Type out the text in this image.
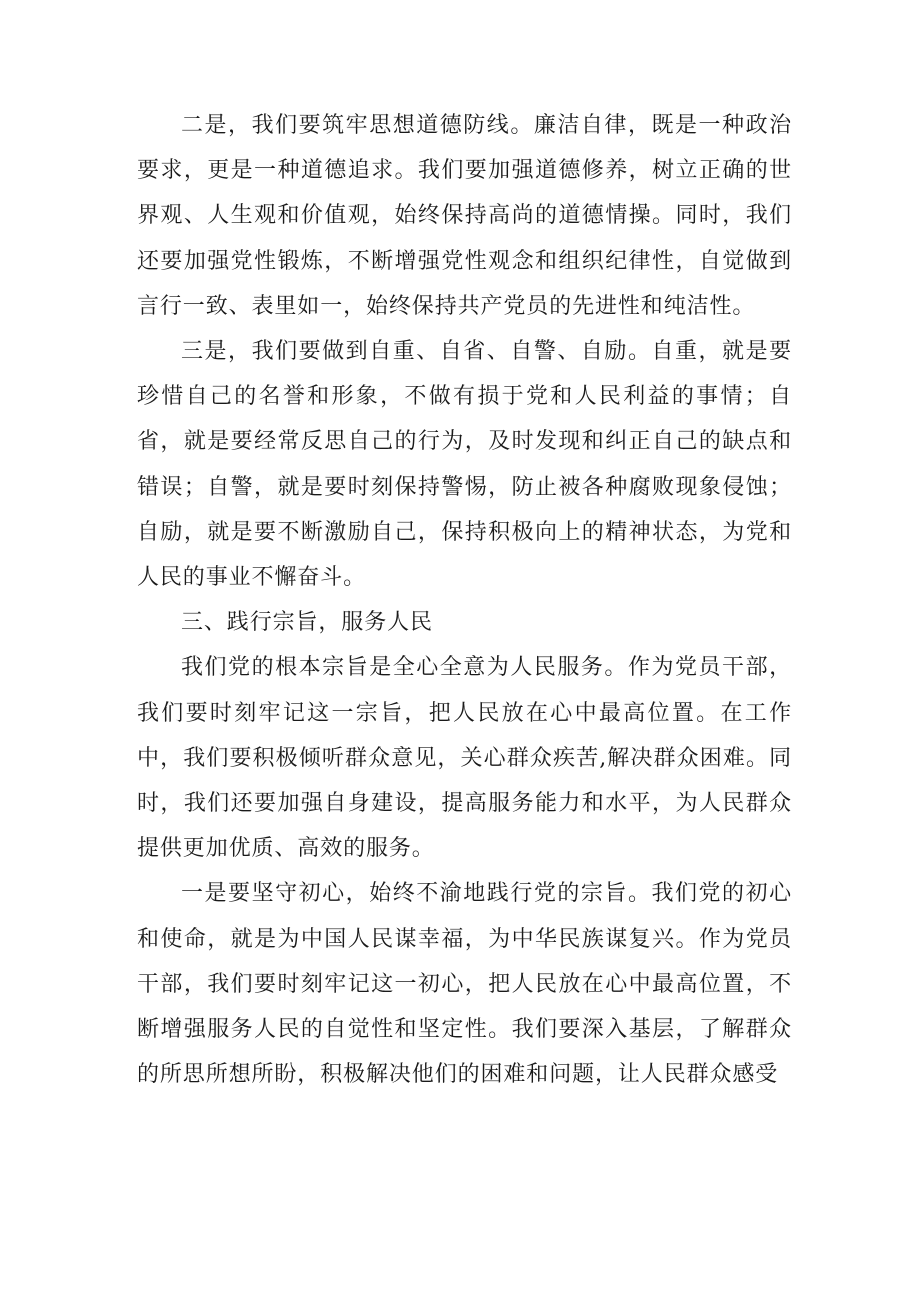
二是，我们要筑牢思想道德防线。廉洁自律，既是一种政治要求，更是一种道德追求。我们要加强道德修养，树立正确的世界观、人生观和价值观，始终保持高尚的道德情操。同时，我们还要加强党性锻炼，不断增强党性观念和组织纪律性，自觉做到言行一致、表里如一，始终保持共产党员的先进性和纯洁性。

三是，我们要做到自重、自省、自警、自励。自重，就是要珍惜自己的名誉和形象，不做有损于党和人民利益的事情；自省，就是要经常反思自己的行为，及时发现和纠正自己的缺点和错误；自警，就是要时刻保持警惕，防止被各种腐败现象侵蚀；自励，就是要不断激励自己，保持积极向上的精神状态，为党和人民的事业不懈奋斗。

三、践行宗旨，服务人民

我们党的根本宗旨是全心全意为人民服务。作为党员干部，我们要时刻牢记这一宗旨，把人民放在心中最高位置。在工作中，我们要积极倾听群众意见，关心群众疾苦,解决群众困难。同时，我们还要加强自身建设，提高服务能力和水平，为人民群众提供更加优质、高效的服务。

一是要坚守初心，始终不渝地践行党的宗旨。我们党的初心和使命，就是为中国人民谋幸福，为中华民族谋复兴。作为党员干部，我们要时刻牢记这一初心，把人民放在心中最高位置，不断增强服务人民的自觉性和坚定性。我们要深入基层，了解群众的所思所想所盼，积极解决他们的困难和问题，让人民群众感受
